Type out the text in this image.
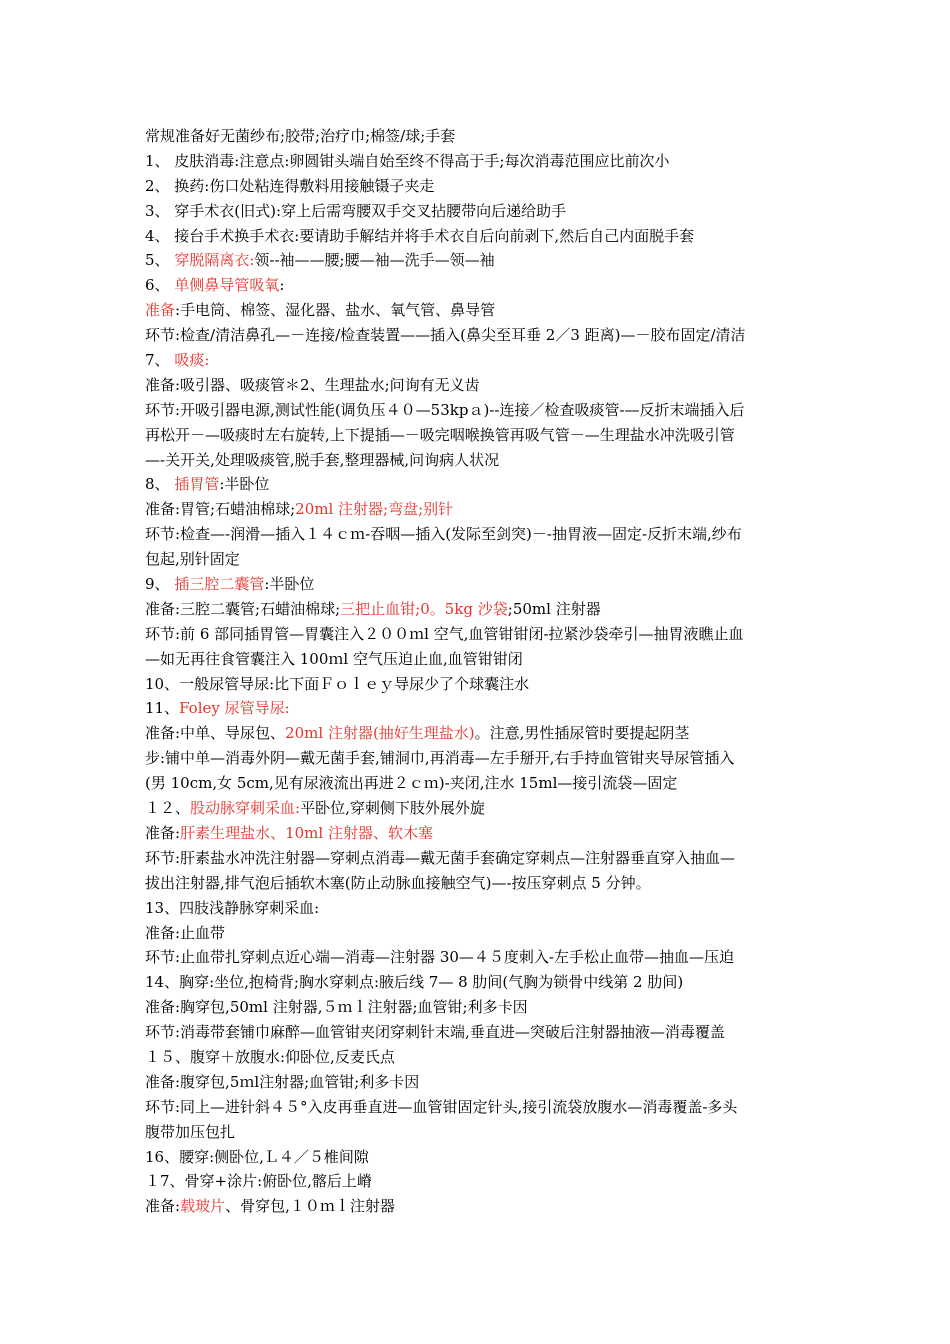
常规准备好无菌纱布;胶带;治疗巾;棉签/球;手套
1、 皮肤消毒:注意点:卵圆钳头端自始至终不得高于手;每次消毒范围应比前次小
2、 换药:伤口处粘连得敷料用接触镊子夹走
3、 穿手术衣(旧式):穿上后需弯腰双手交叉拈腰带向后递给助手
4、 接台手术换手术衣:要请助手解结并将手术衣自后向前剥下,然后自己内面脱手套
5、 穿脱隔离衣:领--袖——腰;腰—袖—洗手—领—袖
6、 单侧鼻导管吸氧:
准备:手电筒、棉签、湿化器、盐水、氧气管、鼻导管
环节:检查/清洁鼻孔—－连接/检查装置——插入(鼻尖至耳垂 2／3 距离)—－胶布固定/清洁
7、 吸痰:
准备:吸引器、吸痰管＊2、生理盐水;问询有无义齿
环节:开吸引器电源,测试性能(调负压４０—53kpａ)--连接／检查吸痰管-—反折末端插入后
再松开－—吸痰时左右旋转,上下提插—－吸完咽喉换管再吸气管－—生理盐水冲洗吸引管
—-关开关,处理吸痰管,脱手套,整理器械,问询病人状况
8、 插胃管:半卧位
准备:胃管;石蜡油棉球;20ml 注射器;弯盘;别针
环节:检查—-润滑—插入１４ｃｍ-吞咽—插入(发际至剑突)－-抽胃液—固定-反折末端,纱布
包起,别针固定
9、 插三腔二囊管:半卧位
准备:三腔二囊管;石蜡油棉球;三把止血钳;0。5kg 沙袋;50ml 注射器
环节:前 6 部同插胃管—胃囊注入２００ｍl 空气,血管钳钳闭-拉紧沙袋牵引—抽胃液瞧止血
—如无再往食管囊注入 100ｍl 空气压迫止血,血管钳钳闭
10、一般尿管导尿:比下面Ｆｏｌｅｙ导尿少了个球囊注水
11、Foley 尿管导尿:
准备:中单、导尿包、20ml 注射器(抽好生理盐水)。注意,男性插尿管时要提起阴茎
步:铺中单—消毒外阴—戴无菌手套,铺洞巾,再消毒—左手掰开,右手持血管钳夹导尿管插入
(男 10cm,女 5cm,见有尿液流出再进２ｃｍ)-夹闭,注水 15ml—接引流袋—固定
１２、股动脉穿刺采血:平卧位,穿刺侧下肢外展外旋
准备:肝素生理盐水、10ml 注射器、软木塞
环节:肝素盐水冲洗注射器—穿刺点消毒—戴无菌手套确定穿刺点—注射器垂直穿入抽血—
拔出注射器,排气泡后插软木塞(防止动脉血接触空气)—-按压穿刺点 5 分钟。
13、四肢浅静脉穿刺采血:
准备:止血带
环节:止血带扎穿刺点近心端—消毒—注射器 30—４５度刺入-左手松止血带—抽血—压迫
14、胸穿:坐位,抱椅背;胸水穿刺点:腋后线 7— 8 肋间(气胸为锁骨中线第 2 肋间)
准备:胸穿包,50ml 注射器,５ｍｌ注射器;血管钳;利多卡因
环节:消毒带套铺巾麻醉—血管钳夹闭穿刺针末端,垂直进—突破后注射器抽液—消毒覆盖
１５、腹穿＋放腹水:仰卧位,反麦氏点
准备:腹穿包,5ｍl注射器;血管钳;利多卡因
环节:同上—进针斜４５°入皮再垂直进—血管钳固定针头,接引流袋放腹水—消毒覆盖-多头
腹带加压包扎
16、腰穿:侧卧位,Ｌ４／５椎间隙
１7、骨穿+涂片:俯卧位,髂后上嵴
准备:载玻片、骨穿包,１０ｍｌ注射器
